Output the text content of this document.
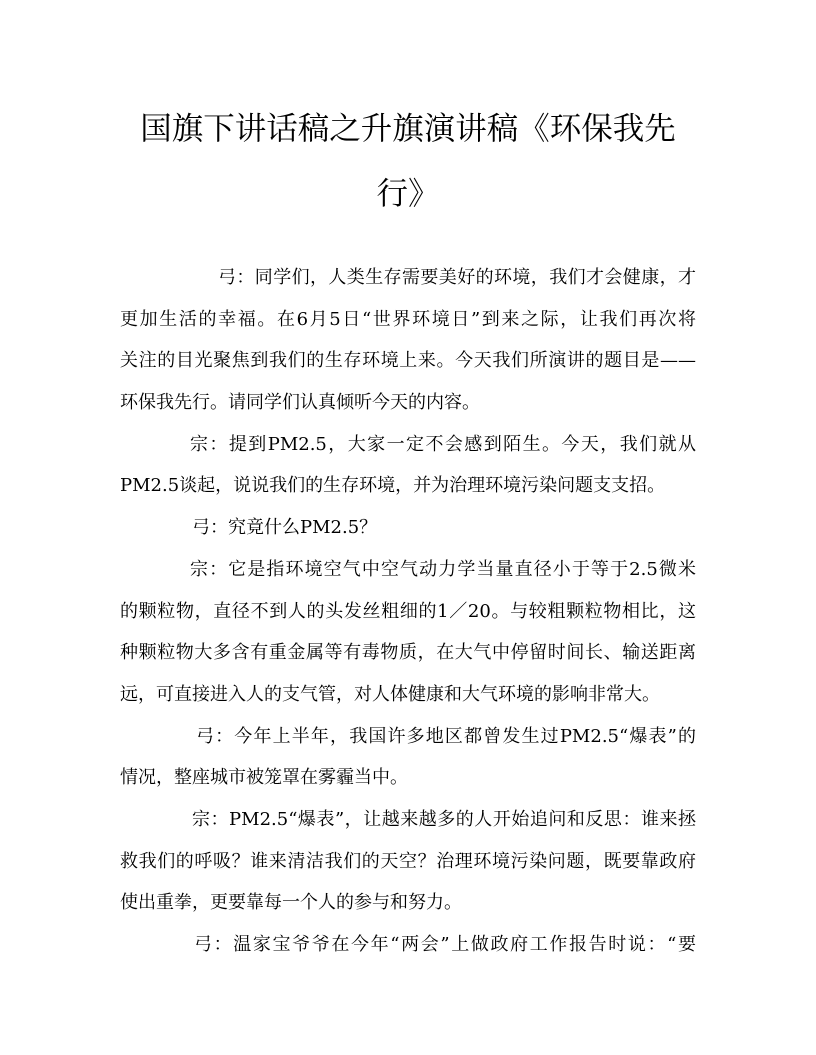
国旗下讲话稿之升旗演讲稿《环保我先行》
弓：同学们，人类生存需要美好的环境，我们才会健康，才
更加生活的幸福。在6月5日“世界环境日”到来之际，让我们再次将
关注的目光聚焦到我们的生存环境上来。今天我们所演讲的题目是——
环保我先行。请同学们认真倾听今天的内容。
宗：提到PM2.5，大家一定不会感到陌生。今天，我们就从
PM2.5谈起，说说我们的生存环境，并为治理环境污染问题支支招。
弓：究竟什么PM2.5？
宗：它是指环境空气中空气动力学当量直径小于等于2.5微米
的颗粒物，直径不到人的头发丝粗细的1／20。与较粗颗粒物相比，这
种颗粒物大多含有重金属等有毒物质，在大气中停留时间长、输送距离
远，可直接进入人的支气管，对人体健康和大气环境的影响非常大。
弓：今年上半年，我国许多地区都曾发生过PM2.5“爆表”的
情况，整座城市被笼罩在雾霾当中。
宗：PM2.5“爆表”，让越来越多的人开始追问和反思：谁来拯
救我们的呼吸？谁来清洁我们的天空？治理环境污染问题，既要靠政府
使出重拳，更要靠每一个人的参与和努力。
弓：温家宝爷爷在今年“两会”上做政府工作报告时说：“要
